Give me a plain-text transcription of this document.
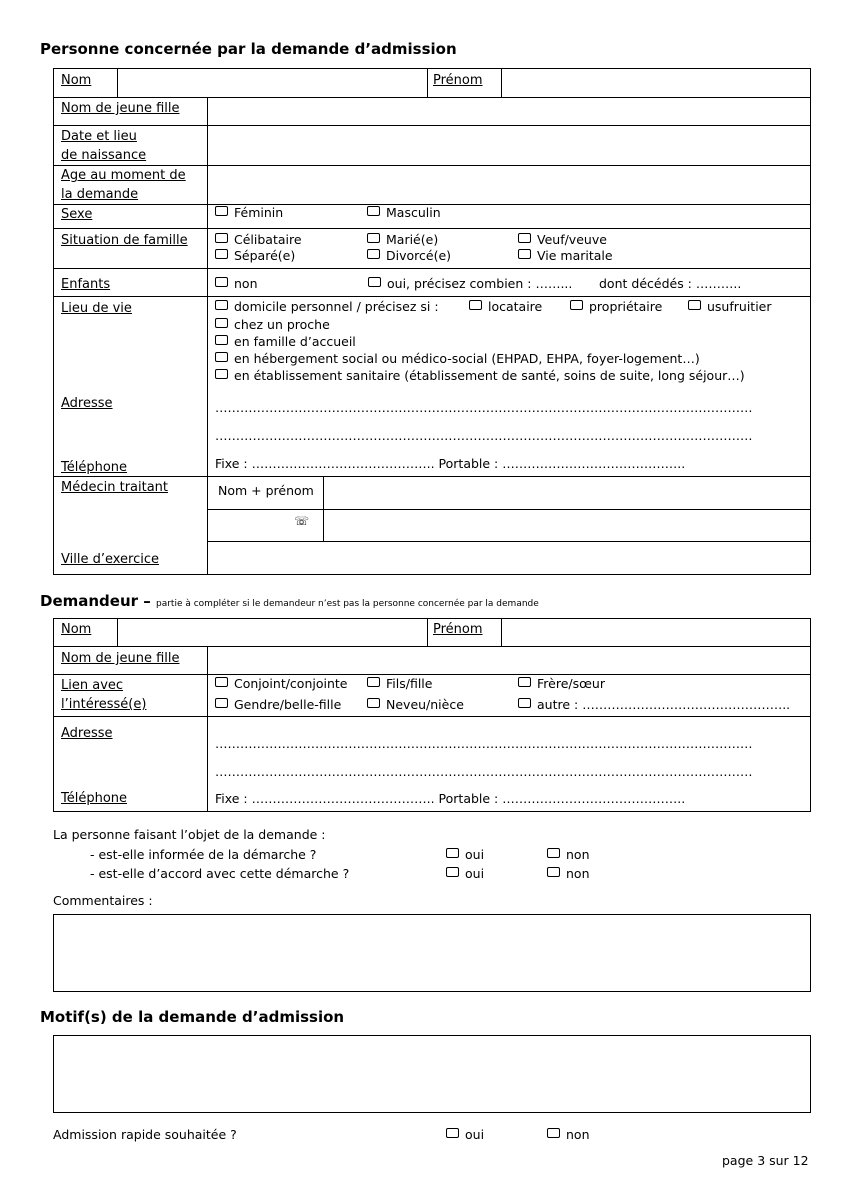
Personne concernée par la demande d’admission
Nom	Prénom
Nom de jeune fille
Date et lieu
de naissance
Age au moment de
la demande
Sexe	Féminin	Masculin
Situation de famille	Célibataire	Marié(e)	Veuf/veuve
Séparé(e)	Divorcé(e)	Vie maritale
Enfants	non	oui, précisez combien : ……... dont décédés : ………..
Lieu de vie	domicile personnel / précisez si :	locataire	propriétaire	usufruitier
chez un proche
en famille d’accueil
en hébergement social ou médico-social (EHPAD, EHPA, foyer-logement…)
en établissement sanitaire (établissement de santé, soins de suite, long séjour…)
Adresse	…………………………………………………………………………………………………………………
…………………………………………………………………………………………………………………
Téléphone	Fixe : …………………………………….. Portable : ……………………………………..
Médecin traitant	Nom + prénom
☏
Ville d’exercice
Demandeur – partie à compléter si le demandeur n’est pas la personne concernée par la demande
Nom	Prénom
Nom de jeune fille
Lien avec
l’intéressé(e)
Conjoint/conjointe	Fils/fille	Frère/sœur
Gendre/belle-fille	Neveu/nièce	autre : …………………………………………..
Adresse
…………………………………………………………………………………………………………………
…………………………………………………………………………………………………………………
Téléphone	Fixe : …………………………………….. Portable : ……………………………………..
La personne faisant l’objet de la demande :
- est-elle informée de la démarche ?	oui	non
- est-elle d’accord avec cette démarche ?	oui	non
Commentaires :
Motif(s) de la demande d’admission
Admission rapide souhaitée ?	oui	non
page 3 sur 12
